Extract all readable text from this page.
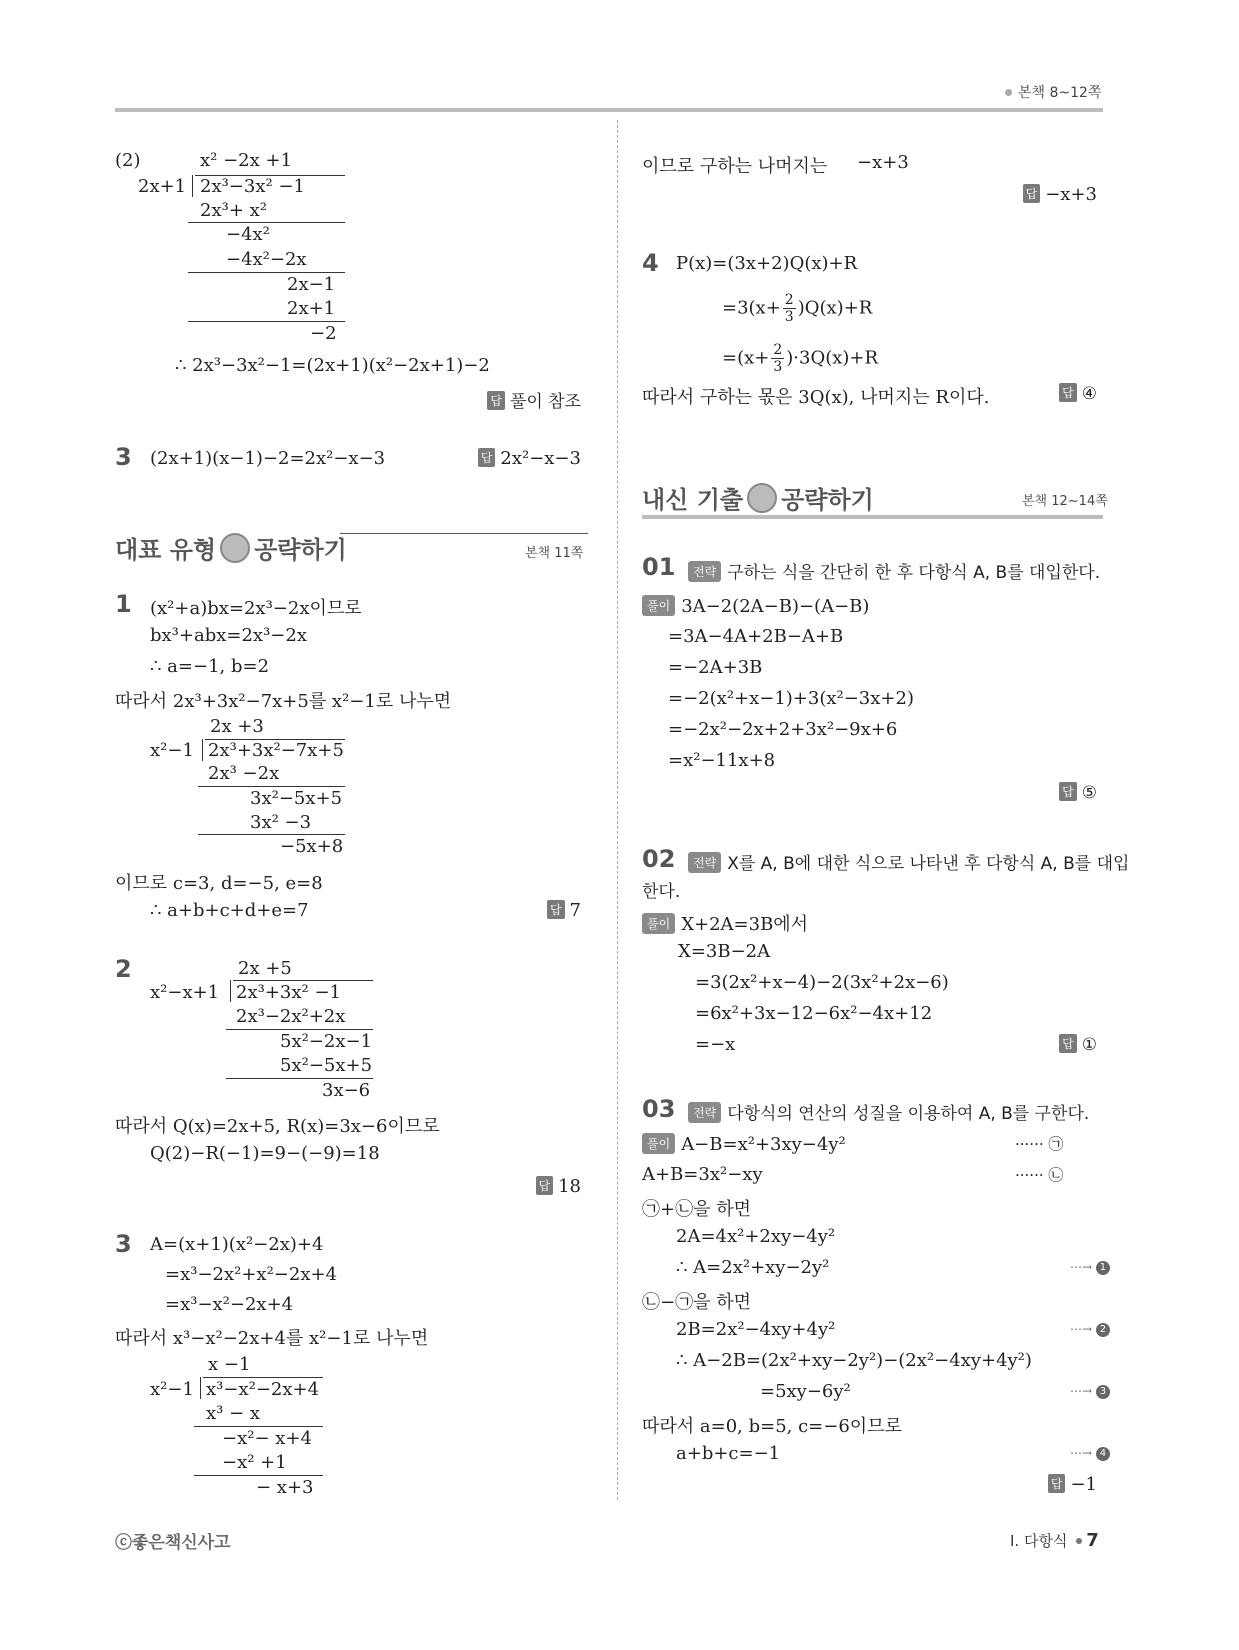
본책 8~12쪽
(2)	x² −2x +1
2x+1 2x³−3x² −1
2x³+ x²
−4x²
−4x²−2x
2x−1
2x+1
−2
∴ 2x³−3x²−1=(2x+1)(x²−2x+1)−2
답 풀이 참조
3 (2x+1)(x−1)−2=2x²−x−3	답 2x²−x−3
대표 유형 공략하기	본책 11쪽
1 (x²+a)bx=2x³−2x이므로
bx³+abx=2x³−2x
∴ a=−1, b=2
따라서 2x³+3x²−7x+5를 x²−1로 나누면
2x +3
x²−1 2x³+3x²−7x+5
2x³ −2x
3x²−5x+5
3x² −3
−5x+8
이므로 c=3, d=−5, e=8
∴ a+b+c+d+e=7	답 7
2	2x +5
x²−x+1 2x³+3x² −1
2x³−2x²+2x
5x²−2x−1
5x²−5x+5
3x−6
따라서 Q(x)=2x+5, R(x)=3x−6이므로
Q(2)−R(−1)=9−(−9)=18
답 18
3 A=(x+1)(x²−2x)+4
=x³−2x²+x²−2x+4
=x³−x²−2x+4
따라서 x³−x²−2x+4를 x²−1로 나누면
x −1
x²−1 x³−x²−2x+4
x³ − x
−x²− x+4
−x² +1
− x+3
이므로 구하는 나머지는 −x+3
답 −x+3
4 P(x)=(3x+2)Q(x)+R
$=3(x+ \frac{2}{3} )Q(x)+R$
$=(x+ \frac{2}{3} )\cdot 3Q(x)+R$
따라서 구하는 몫은 3Q(x), 나머지는 R이다.	답 ④
내신 기출 공략하기	본책 12~14쪽
01	전략 구하는 식을 간단히 한 후 다항식 A, B를 대입한다.
풀이 3A−2(2A−B)−(A−B)
=3A−4A+2B−A+B
=−2A+3B
=−2(x²+x−1)+3(x²−3x+2)
=−2x²−2x+2+3x²−9x+6
=x²−11x+8
답 ⑤
02	전략 X를 A, B에 대한 식으로 나타낸 후 다항식 A, B를 대입
한다.
풀이 X+2A=3B에서
X=3B−2A
=3(2x²+x−4)−2(3x²+2x−6)
=6x²+3x−12−6x²−4x+12
=−x	답 ①
03	전략 다항식의 연산의 성질을 이용하여 A, B를 구한다.
풀이 A−B=x²+3xy−4y²	······ ㉠
A+B=3x²−xy	······ ㉡
㉠+㉡을 하면
2A=4x²+2xy−4y²
∴ A=2x²+xy−2y²	⋯→ 1
㉡−㉠을 하면
2B=2x²−4xy+4y²	⋯→ 2
∴ A−2B=(2x²+xy−2y²)−(2x²−4xy+4y²)
=5xy−6y²	⋯→ 3
따라서 a=0, b=5, c=−6이므로
a+b+c=−1	⋯→ 4
답 −1
ⓒ좋은책신사고	Ⅰ. 다항식 7
